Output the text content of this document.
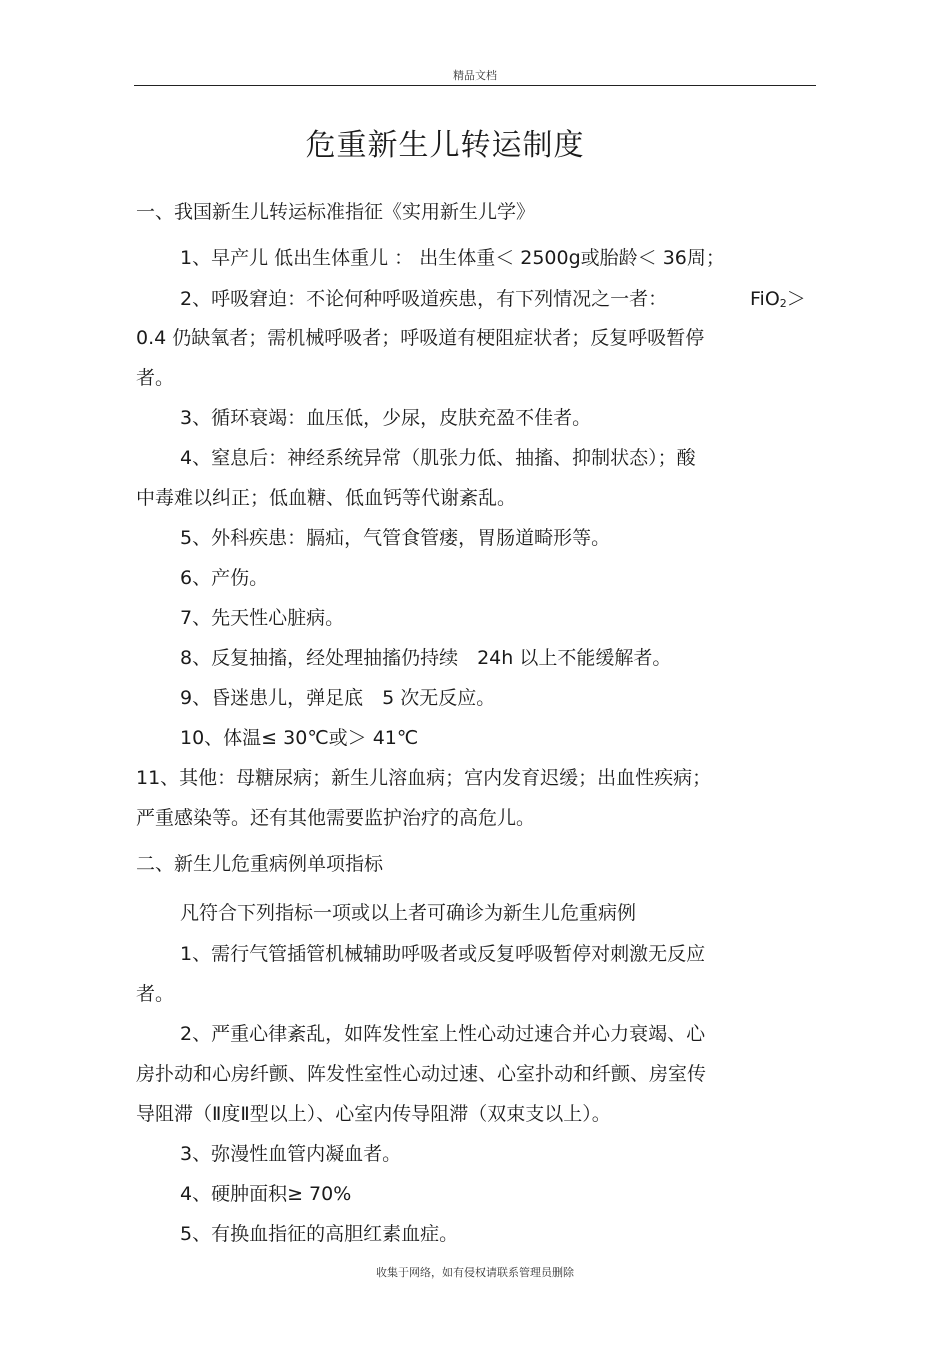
精品文档
危重新生儿转运制度
一、我国新生儿转运标准指征《实用新生儿学》
1、早产儿 低出生体重儿 ： 出生体重＜ 2500g或胎龄＜ 36周；
2、呼吸窘迫：不论何种呼吸道疾患，有下列情况之一者：	FiO$_2$＞
0.4 仍缺氧者；需机械呼吸者；呼吸道有梗阻症状者；反复呼吸暂停
者。
3、循环衰竭：血压低，少尿，皮肤充盈不佳者。
4、窒息后：神经系统异常（肌张力低、抽搐、抑制状态）；酸
中毒难以纠正；低血糖、低血钙等代谢紊乱。
5、外科疾患：膈疝，气管食管瘘，胃肠道畸形等。
6、产伤。
7、先天性心脏病。
8、反复抽搐，经处理抽搐仍持续　24h 以上不能缓解者。
9、昏迷患儿，弹足底　5 次无反应。
10、体温≤ 30℃或＞ 41℃
11、其他：母糖尿病；新生儿溶血病；宫内发育迟缓；出血性疾病；
严重感染等。还有其他需要监护治疗的高危儿。
二、新生儿危重病例单项指标
凡符合下列指标一项或以上者可确诊为新生儿危重病例
1、需行气管插管机械辅助呼吸者或反复呼吸暂停对刺激无反应
者。
2、严重心律紊乱，如阵发性室上性心动过速合并心力衰竭、心
房扑动和心房纤颤、阵发性室性心动过速、心室扑动和纤颤、房室传
导阻滞（Ⅱ度Ⅱ型以上）、心室内传导阻滞（双束支以上）。
3、弥漫性血管内凝血者。
4、硬肿面积≥ 70%
5、有换血指征的高胆红素血症。
收集于网络，如有侵权请联系管理员删除
